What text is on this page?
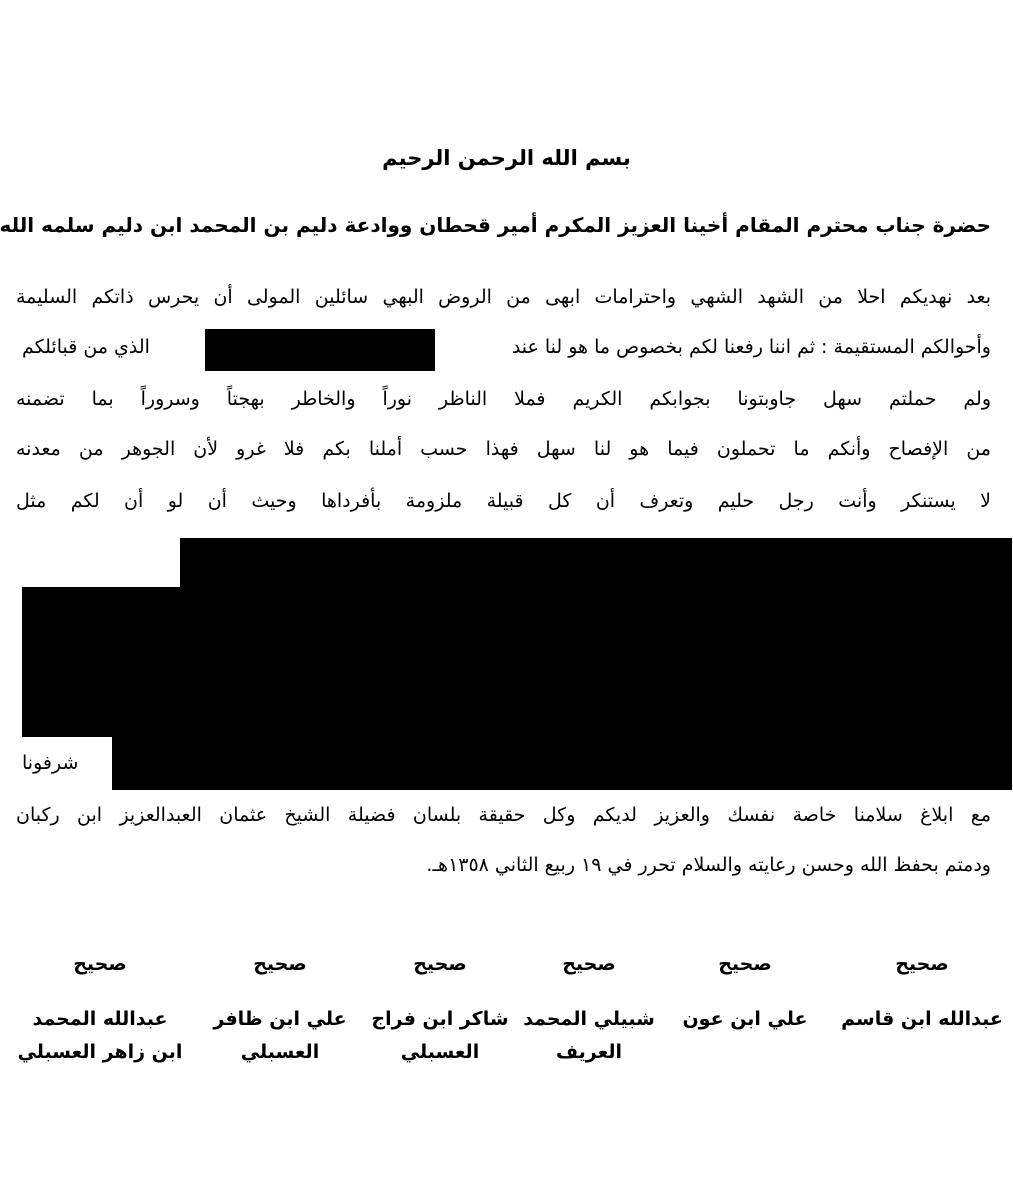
بسم الله الرحمن الرحيم
حضرة جناب محترم المقام أخينا العزيز المكرم أمير قحطان ووادعة دليم بن المحمد ابن دليم سلمه الله
بعد نهديكم احلا من الشهد الشهي واحترامات ابهى من الروض البهي سائلين المولى أن يحرس ذاتكم السليمة
وأحوالكم المستقيمة : ثم اننا رفعنا لكم بخصوص ما هو لنا عند
الذي من قبائلكم
ولم حملتم سهل جاوبتونا بجوابكم الكريم فملا الناظر نوراً والخاطر بهجتاً وسروراً بما تضمنه
من الإفصاح وأنكم ما تحملون فيما هو لنا سهل فهذا حسب أملنا بكم فلا غرو لأن الجوهر من معدنه
لا يستنكر وأنت رجل حليم وتعرف أن كل قبيلة ملزومة بأفرداها وحيث أن لو أن لكم مثل
شرفونا
مع ابلاغ سلامنا خاصة نفسك والعزيز لديكم وكل حقيقة بلسان فضيلة الشيخ عثمان العبدالعزيز ابن ركبان
ودمتم بحفظ الله وحسن رعايته والسلام تحرر في ١٩ ربيع الثاني ١٣٥٨هـ.
صحيح
عبدالله ابن قاسم
صحيح
علي ابن عون
صحيح
شبيلي المحمد
العريف
صحيح
شاكر ابن فراج
العسبلي
صحيح
علي ابن ظافر
العسبلي
صحيح
عبدالله المحمد
ابن زاهر العسبلي
